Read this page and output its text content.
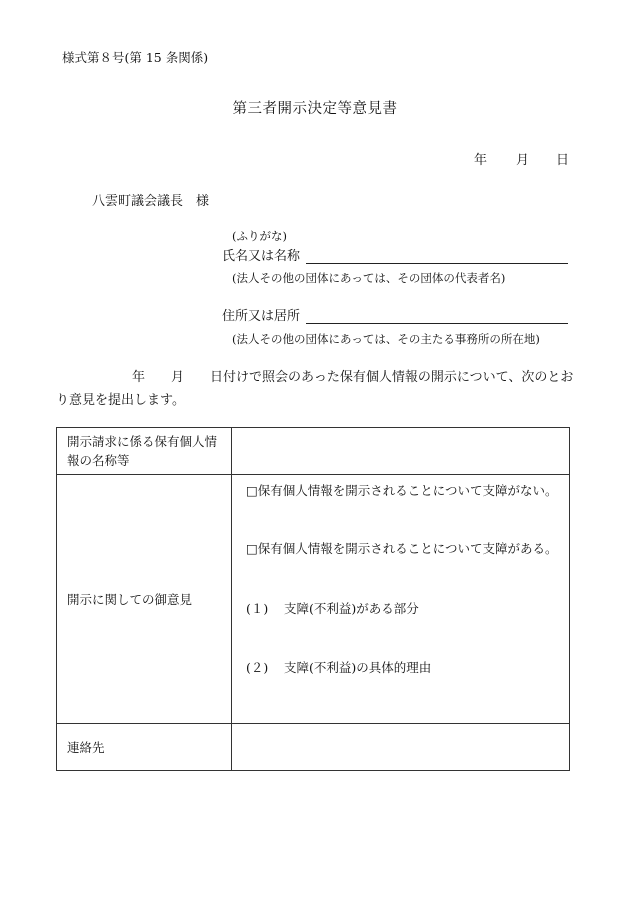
様式第８号(第 15 条関係)
第三者開示決定等意見書
年 月 日
八雲町議会議長　様
(ふりがな)
氏名又は名称
(法人その他の団体にあっては、その団体の代表者名)
住所又は居所
(法人その他の団体にあっては、その主たる事務所の所在地)
年　　月　　日付けで照会のあった保有個人情報の開示について、次のとお
り意見を提出します。
開示請求に係る保有個人情報の名称等	
開示に関しての御意見	□保有個人情報を開示されることについて支障がない。
□保有個人情報を開示されることについて支障がある。
(１) 支障(不利益)がある部分
(２) 支障(不利益)の具体的理由

連絡先	
